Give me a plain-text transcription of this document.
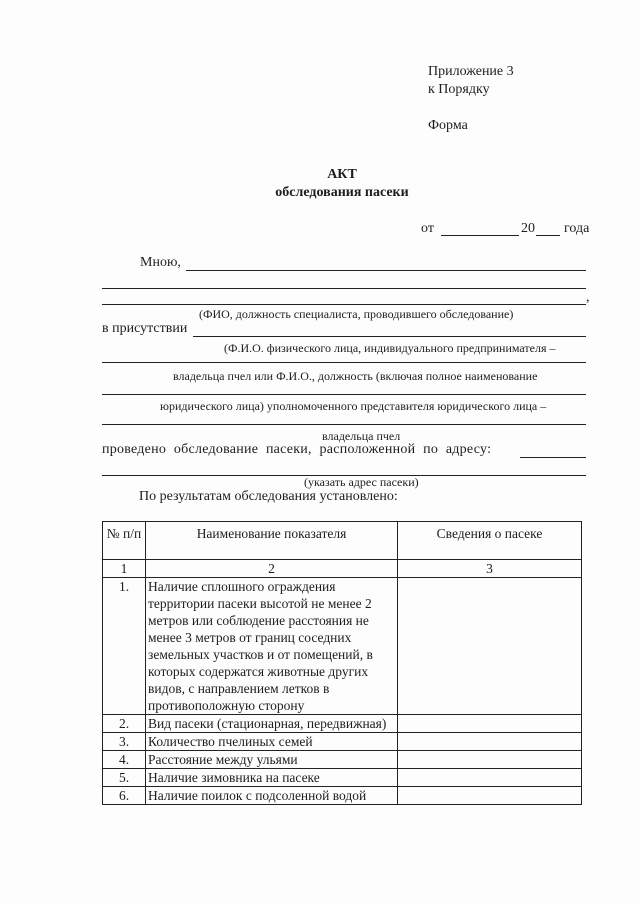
Приложение 3
к Порядку
Форма
АКТ
обследования пасеки
от	20 года
Мною,
,
(ФИО, должность специалиста, проводившего обследование)
в присутствии
(Ф.И.О. физического лица, индивидуального предпринимателя –
владельца пчел или Ф.И.О., должность (включая полное наименование
юридического лица) уполномоченного представителя юридического лица –
владельца пчел
проведено обследование пасеки, расположенной по адресу:
(указать адрес пасеки)
По результатам обследования установлено:
№ п/п	Наименование показателя	Сведения о пасеке
1	2	3
1.	Наличие сплошного ограждения территории пасеки высотой не менее 2 метров или соблюдение расстояния не менее 3 метров от границ соседних земельных участков и от помещений, в которых содержатся животные других видов, с направлением летков в противоположную сторону	
2.	Вид пасеки (стационарная, передвижная)	
3.	Количество пчелиных семей	
4.	Расстояние между ульями	
5.	Наличие зимовника на пасеке	
6.	Наличие поилок с подсоленной водой	
